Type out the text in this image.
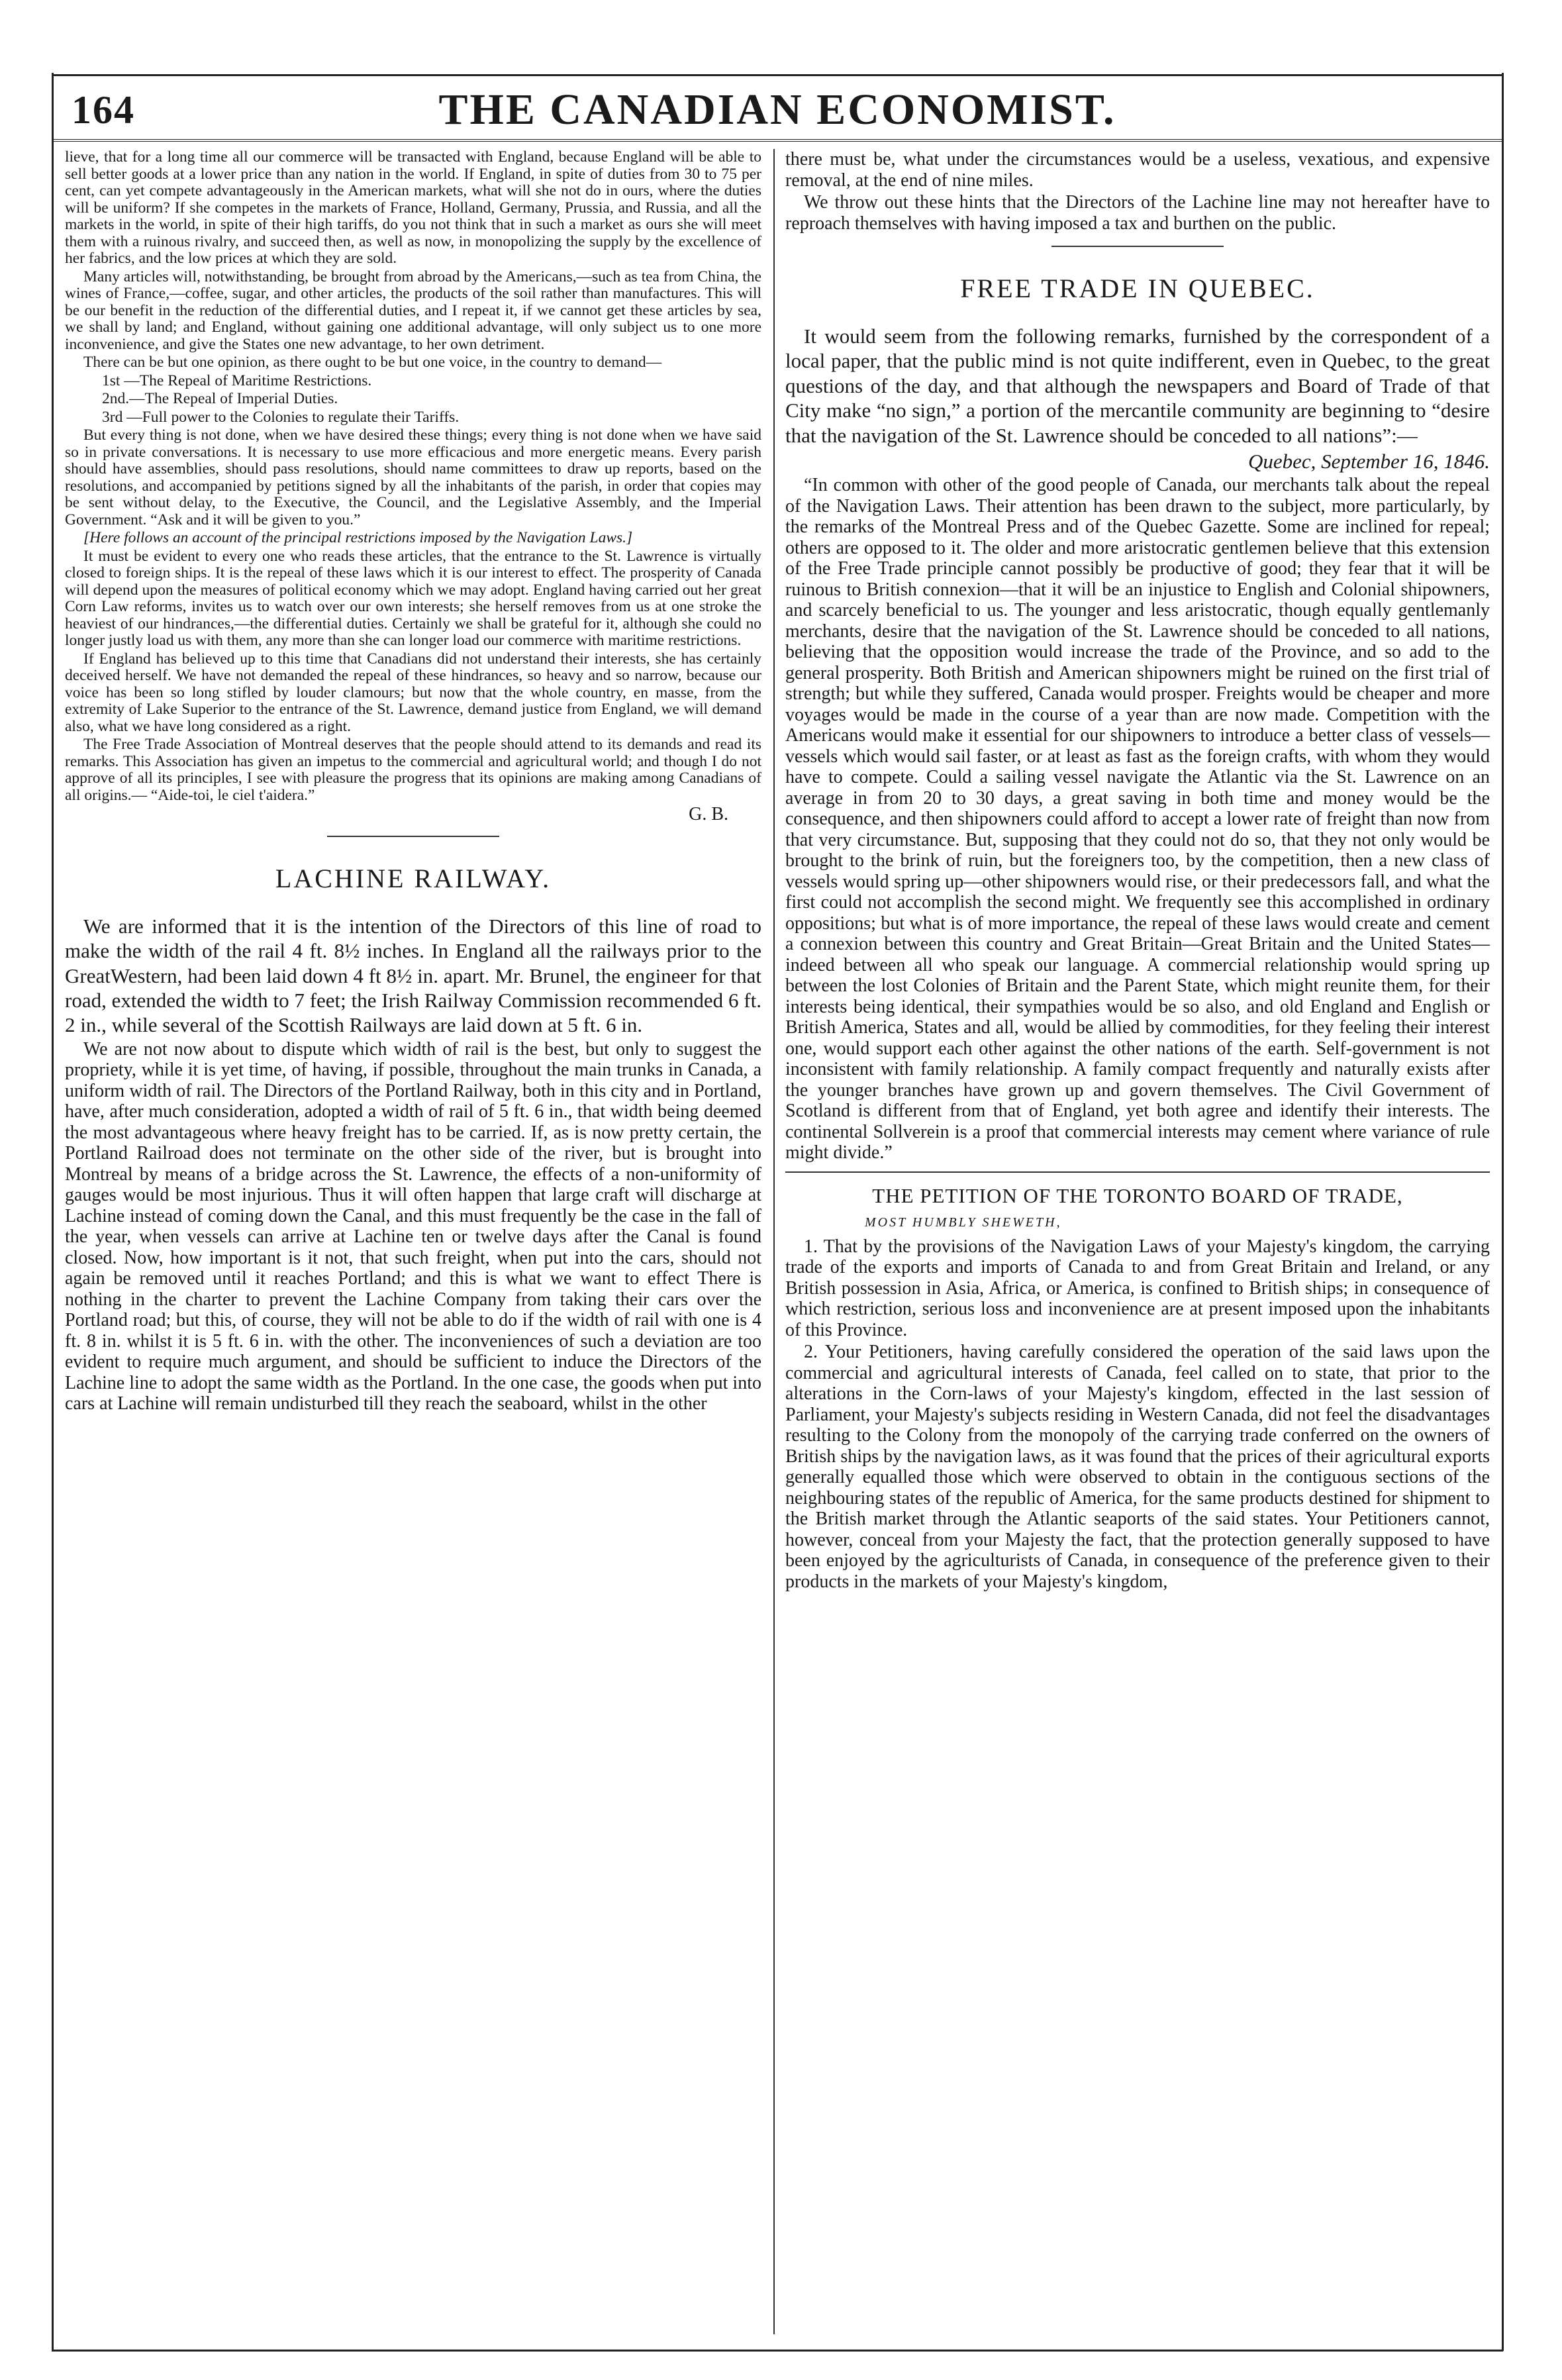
164	THE CANADIAN ECONOMIST.

lieve, that for a long time all our commerce will be transacted with England, because England will be able to sell better goods at a lower price than any nation in the world. If England, in spite of duties from 30 to 75 per cent, can yet compete advantageously in the American markets, what will she not do in ours, where the duties will be uniform? If she competes in the markets of France, Holland, Germany, Prussia, and Russia, and all the markets in the world, in spite of their high tariffs, do you not think that in such a market as ours she will meet them with a ruinous rivalry, and succeed then, as well as now, in monopolizing the supply by the excellence of her fabrics, and the low prices at which they are sold.

Many articles will, notwithstanding, be brought from abroad by the Americans,—such as tea from China, the wines of France,—coffee, sugar, and other articles, the products of the soil rather than manufactures. This will be our benefit in the reduction of the differential duties, and I repeat it, if we cannot get these articles by sea, we shall by land; and England, without gaining one additional advantage, will only subject us to one more inconvenience, and give the States one new advantage, to her own detriment.

There can be but one opinion, as there ought to be but one voice, in the country to demand—

1st —The Repeal of Maritime Restrictions.

2nd.—The Repeal of Imperial Duties.

3rd —Full power to the Colonies to regulate their Tariffs.

But every thing is not done, when we have desired these things; every thing is not done when we have said so in private conversations. It is necessary to use more efficacious and more energetic means. Every parish should have assemblies, should pass resolutions, should name committees to draw up reports, based on the resolutions, and accompanied by petitions signed by all the inhabitants of the parish, in order that copies may be sent without delay, to the Executive, the Council, and the Legislative Assembly, and the Imperial Government. “Ask and it will be given to you.”

[Here follows an account of the principal restrictions imposed by the Navigation Laws.]

It must be evident to every one who reads these articles, that the entrance to the St. Lawrence is virtually closed to foreign ships. It is the repeal of these laws which it is our interest to effect. The prosperity of Canada will depend upon the measures of political economy which we may adopt. England having carried out her great Corn Law reforms, invites us to watch over our own interests; she herself removes from us at one stroke the heaviest of our hindrances,—the differential duties. Certainly we shall be grateful for it, although she could no longer justly load us with them, any more than she can longer load our commerce with maritime restrictions.

If England has believed up to this time that Canadians did not understand their interests, she has certainly deceived herself. We have not demanded the repeal of these hindrances, so heavy and so narrow, because our voice has been so long stifled by louder clamours; but now that the whole country, en masse, from the extremity of Lake Superior to the entrance of the St. Lawrence, demand justice from England, we will demand also, what we have long considered as a right.

The Free Trade Association of Montreal deserves that the people should attend to its demands and read its remarks. This Association has given an impetus to the commercial and agricultural world; and though I do not approve of all its principles, I see with pleasure the progress that its opinions are making among Canadians of all origins.— “Aide-toi, le ciel t'aidera.”

G. B.
LACHINE RAILWAY.

We are informed that it is the intention of the Directors of this line of road to make the width of the rail 4 ft. 8½ inches. In England all the railways prior to the GreatWestern, had been laid down 4 ft 8½ in. apart. Mr. Brunel, the engineer for that road, extended the width to 7 feet; the Irish Railway Commission recommended 6 ft. 2 in., while several of the Scottish Railways are laid down at 5 ft. 6 in.

We are not now about to dispute which width of rail is the best, but only to suggest the propriety, while it is yet time, of having, if possible, throughout the main trunks in Canada, a uniform width of rail. The Directors of the Portland Railway, both in this city and in Portland, have, after much consideration, adopted a width of rail of 5 ft. 6 in., that width being deemed the most advantageous where heavy freight has to be carried. If, as is now pretty certain, the Portland Railroad does not terminate on the other side of the river, but is brought into Montreal by means of a bridge across the St. Lawrence, the effects of a non-uniformity of gauges would be most injurious. Thus it will often happen that large craft will discharge at Lachine instead of coming down the Canal, and this must frequently be the case in the fall of the year, when vessels can arrive at Lachine ten or twelve days after the Canal is found closed. Now, how important is it not, that such freight, when put into the cars, should not again be removed until it reaches Portland; and this is what we want to effect There is nothing in the charter to prevent the Lachine Company from taking their cars over the Portland road; but this, of course, they will not be able to do if the width of rail with one is 4 ft. 8 in. whilst it is 5 ft. 6 in. with the other. The inconveniences of such a deviation are too evident to require much argument, and should be sufficient to induce the Directors of the Lachine line to adopt the same width as the Portland. In the one case, the goods when put into cars at Lachine will remain undisturbed till they reach the seaboard, whilst in the other

there must be, what under the circumstances would be a useless, vexatious, and expensive removal, at the end of nine miles.

We throw out these hints that the Directors of the Lachine line may not hereafter have to reproach themselves with having imposed a tax and burthen on the public.

FREE TRADE IN QUEBEC.

It would seem from the following remarks, furnished by the correspondent of a local paper, that the public mind is not quite indifferent, even in Quebec, to the great questions of the day, and that although the newspapers and Board of Trade of that City make “no sign,” a portion of the mercantile community are beginning to “desire that the navigation of the St. Lawrence should be conceded to all nations”:—

Quebec, September 16, 1846.

“In common with other of the good people of Canada, our merchants talk about the repeal of the Navigation Laws. Their attention has been drawn to the subject, more particularly, by the remarks of the Montreal Press and of the Quebec Gazette. Some are inclined for repeal; others are opposed to it. The older and more aristocratic gentlemen believe that this extension of the Free Trade principle cannot possibly be productive of good; they fear that it will be ruinous to British connexion—that it will be an injustice to English and Colonial shipowners, and scarcely beneficial to us. The younger and less aristocratic, though equally gentlemanly merchants, desire that the navigation of the St. Lawrence should be conceded to all nations, believing that the opposition would increase the trade of the Province, and so add to the general prosperity. Both British and American shipowners might be ruined on the first trial of strength; but while they suffered, Canada would prosper. Freights would be cheaper and more voyages would be made in the course of a year than are now made. Competition with the Americans would make it essential for our shipowners to introduce a better class of vessels—vessels which would sail faster, or at least as fast as the foreign crafts, with whom they would have to compete. Could a sailing vessel navigate the Atlantic via the St. Lawrence on an average in from 20 to 30 days, a great saving in both time and money would be the consequence, and then shipowners could afford to accept a lower rate of freight than now from that very circumstance. But, supposing that they could not do so, that they not only would be brought to the brink of ruin, but the foreigners too, by the competition, then a new class of vessels would spring up—other shipowners would rise, or their predecessors fall, and what the first could not accomplish the second might. We frequently see this accomplished in ordinary oppositions; but what is of more importance, the repeal of these laws would create and cement a connexion between this country and Great Britain—Great Britain and the United States—indeed between all who speak our language. A commercial relationship would spring up between the lost Colonies of Britain and the Parent State, which might reunite them, for their interests being identical, their sympathies would be so also, and old England and English or British America, States and all, would be allied by commodities, for they feeling their interest one, would support each other against the other nations of the earth. Self-government is not inconsistent with family relationship. A family compact frequently and naturally exists after the younger branches have grown up and govern themselves. The Civil Government of Scotland is different from that of England, yet both agree and identify their interests. The continental Sollverein is a proof that commercial interests may cement where variance of rule might divide.”

THE PETITION OF THE TORONTO BOARD OF TRADE,
MOST HUMBLY SHEWETH,

1. That by the provisions of the Navigation Laws of your Majesty's kingdom, the carrying trade of the exports and imports of Canada to and from Great Britain and Ireland, or any British possession in Asia, Africa, or America, is confined to British ships; in consequence of which restriction, serious loss and inconvenience are at present imposed upon the inhabitants of this Province.

2. Your Petitioners, having carefully considered the operation of the said laws upon the commercial and agricultural interests of Canada, feel called on to state, that prior to the alterations in the Corn-laws of your Majesty's kingdom, effected in the last session of Parliament, your Majesty's subjects residing in Western Canada, did not feel the disadvantages resulting to the Colony from the monopoly of the carrying trade conferred on the owners of British ships by the navigation laws, as it was found that the prices of their agricultural exports generally equalled those which were observed to obtain in the contiguous sections of the neighbouring states of the republic of America, for the same products destined for shipment to the British market through the Atlantic seaports of the said states. Your Petitioners cannot, however, conceal from your Majesty the fact, that the protection generally supposed to have been enjoyed by the agriculturists of Canada, in consequence of the preference given to their products in the markets of your Majesty's kingdom,
